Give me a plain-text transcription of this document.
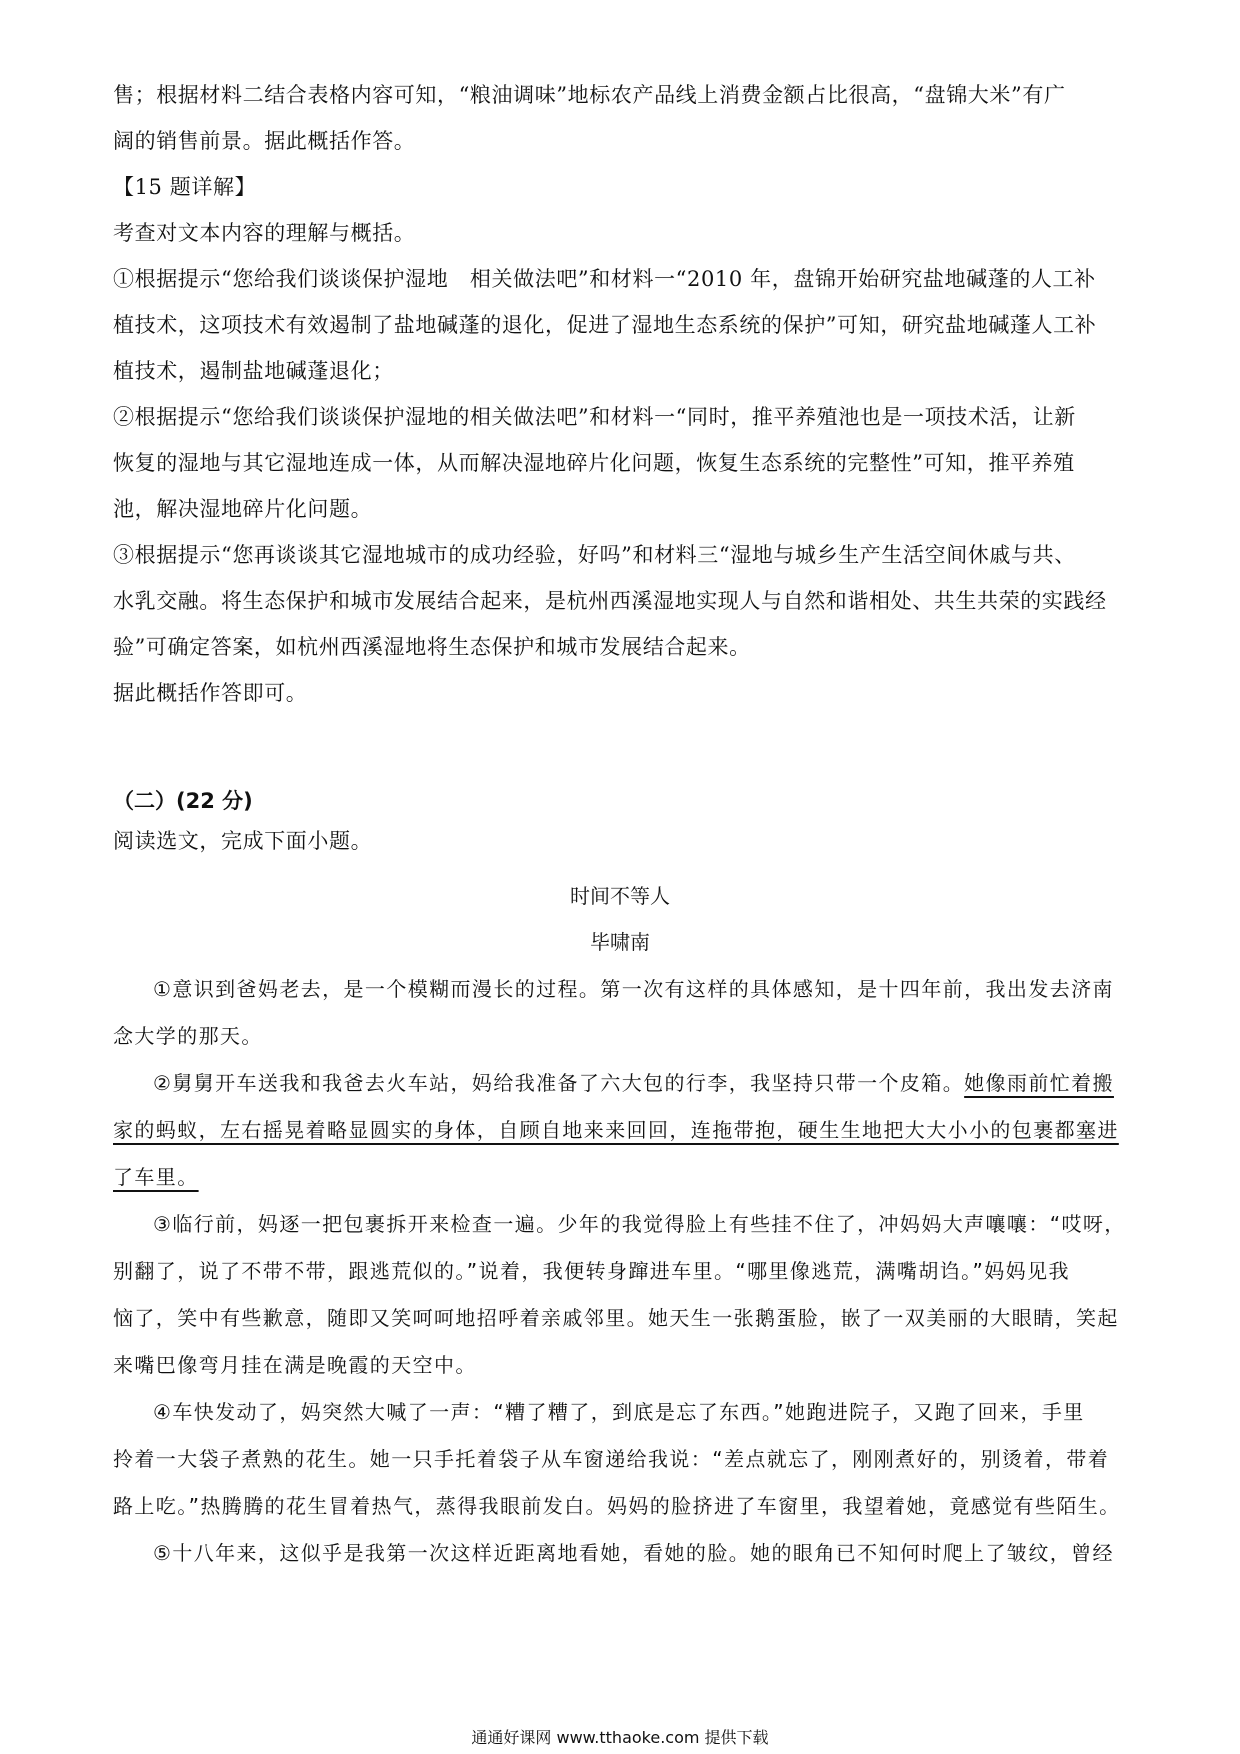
售；根据材料二结合表格内容可知，“粮油调味”地标农产品线上消费金额占比很高，“盘锦大米”有广
阔的销售前景。据此概括作答。
【15 题详解】
考查对文本内容的理解与概括。
①根据提示“您给我们谈谈保护湿地　相关做法吧”和材料一“2010 年，盘锦开始研究盐地碱蓬的人工补
植技术，这项技术有效遏制了盐地碱蓬的退化，促进了湿地生态系统的保护”可知，研究盐地碱蓬人工补
植技术，遏制盐地碱蓬退化；
②根据提示“您给我们谈谈保护湿地的相关做法吧”和材料一“同时，推平养殖池也是一项技术活，让新
恢复的湿地与其它湿地连成一体，从而解决湿地碎片化问题，恢复生态系统的完整性”可知，推平养殖
池，解决湿地碎片化问题。
③根据提示“您再谈谈其它湿地城市的成功经验，好吗”和材料三“湿地与城乡生产生活空间休戚与共、
水乳交融。将生态保护和城市发展结合起来，是杭州西溪湿地实现人与自然和谐相处、共生共荣的实践经
验”可确定答案，如杭州西溪湿地将生态保护和城市发展结合起来。
据此概括作答即可。
（二）(22 分)
阅读选文，完成下面小题。
时间不等人
毕啸南
①意识到爸妈老去，是一个模糊而漫长的过程。第一次有这样的具体感知，是十四年前，我出发去济南
念大学的那天。
②舅舅开车送我和我爸去火车站，妈给我准备了六大包的行李，我坚持只带一个皮箱。她像雨前忙着搬
家的蚂蚁，左右摇晃着略显圆实的身体，自顾自地来来回回，连拖带抱，硬生生地把大大小小的包裹都塞进
了车里。
③临行前，妈逐一把包裹拆开来检查一遍。少年的我觉得脸上有些挂不住了，冲妈妈大声嚷嚷：“哎呀，
别翻了，说了不带不带，跟逃荒似的。”说着，我便转身蹿进车里。“哪里像逃荒，满嘴胡诌。”妈妈见我
恼了，笑中有些歉意，随即又笑呵呵地招呼着亲戚邻里。她天生一张鹅蛋脸，嵌了一双美丽的大眼睛，笑起
来嘴巴像弯月挂在满是晚霞的天空中。
④车快发动了，妈突然大喊了一声：“糟了糟了，到底是忘了东西。”她跑进院子，又跑了回来，手里
拎着一大袋子煮熟的花生。她一只手托着袋子从车窗递给我说：“差点就忘了，刚刚煮好的，别烫着，带着
路上吃。”热腾腾的花生冒着热气，蒸得我眼前发白。妈妈的脸挤进了车窗里，我望着她，竟感觉有些陌生。
⑤十八年来，这似乎是我第一次这样近距离地看她，看她的脸。她的眼角已不知何时爬上了皱纹，曾经
通通好课网 www.tthaoke.com 提供下载
